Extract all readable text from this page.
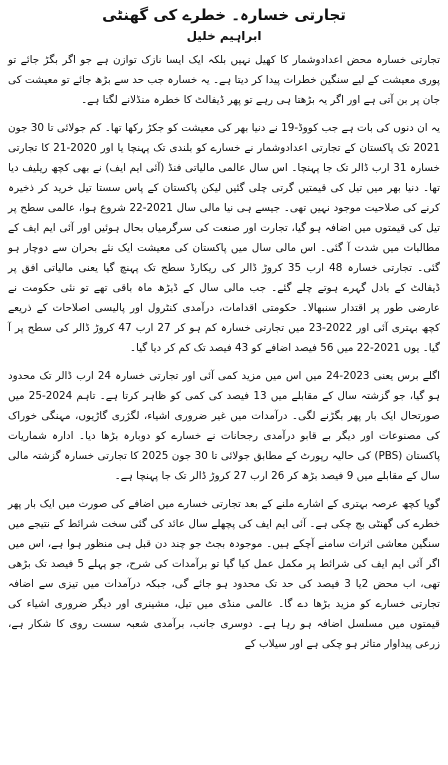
تجارتی خسارہ۔ خطرے کی گھنٹی
ابراہیم خلیل

تجارتی خسارہ محض اعدادوشمار کا کھیل نہیں بلکہ ایک ایسا نازک توازن ہے جو اگر بگڑ جائے تو پوری معیشت کے لیے سنگین خطرات پیدا کر دیتا ہے۔ یہ خسارہ جب حد سے بڑھ جائے تو معیشت کی جان پر بن آتی ہے اور اگر یہ بڑھتا ہی رہے تو پھر ڈیفالٹ کا خطرہ منڈلانے لگتا ہے۔

یہ ان دنوں کی بات ہے جب کووڈ-19 نے دنیا بھر کی معیشت کو جکڑ رکھا تھا۔ کم جولائی تا 30 جون 2021 تک پاکستان کے تجارتی اعدادوشمار نے خسارے کو بلندی تک پہنچا یا اور 2020-21 کا تجارتی خسارہ 31 ارب ڈالر تک جا پہنچا۔ اس سال عالمی مالیاتی فنڈ (آئی ایم ایف) نے بھی کچھ ریلیف دیا تھا۔ دنیا بھر میں تیل کی قیمتیں گرتی چلی گئیں لیکن پاکستان کے پاس سستا تیل خرید کر ذخیرہ کرنے کی صلاحیت موجود نہیں تھی۔ جیسے ہی نیا مالی سال 2021-22 شروع ہوا، عالمی سطح پر تیل کی قیمتوں میں اضافہ ہو گیا، تجارت اور صنعت کی سرگرمیاں بحال ہوئیں اور آئی ایم ایف کے مطالبات میں شدت آ گئی۔ اس مالی سال میں پاکستان کی معیشت ایک نئے بحران سے دوچار ہو گئی۔ تجارتی خسارہ 48 ارب 35 کروڑ ڈالر کی ریکارڈ سطح تک پہنچ گیا یعنی مالیاتی افق پر ڈیفالٹ کے بادل گہرے ہوتے چلے گئے۔ جب مالی سال کے ڈیڑھ ماہ باقی تھے تو نئی حکومت نے عارضی طور پر اقتدار سنبھالا۔ حکومتی اقدامات، درآمدی کنٹرول اور پالیسی اصلاحات کے ذریعے کچھ بہتری آئی اور 2022-23 میں تجارتی خسارہ کم ہو کر 27 ارب 47 کروڑ ڈالر کی سطح پر آ گیا۔ یوں 2021-22 میں 56 فیصد اضافے کو 43 فیصد تک کم کر دیا گیا۔

اگلے برس یعنی 2023-24 میں اس میں مزید کمی آئی اور تجارتی خسارہ 24 ارب ڈالر تک محدود ہو گیا، جو گزشتہ سال کے مقابلے میں 13 فیصد کی کمی کو ظاہر کرتا ہے۔ تاہم 2024-25 میں صورتحال ایک بار پھر بگڑنے لگی۔ درآمدات میں غیر ضروری اشیاء، لگژری گاڑیوں، مہنگی خوراک کی مصنوعات اور دیگر بے قابو درآمدی رجحانات نے خسارے کو دوبارہ بڑھا دیا۔ ادارہ شماریات پاکستان (PBS) کی حالیہ رپورٹ کے مطابق جولائی تا 30 جون 2025 کا تجارتی خسارہ گزشتہ مالی سال کے مقابلے میں 9 فیصد بڑھ کر 26 ارب 27 کروڑ ڈالر تک جا پہنچا ہے۔

گویا کچھ عرصہ بہتری کے اشارے ملنے کے بعد تجارتی خسارے میں اضافے کی صورت میں ایک بار پھر خطرے کی گھنٹی بج چکی ہے۔ آئی ایم ایف کی پچھلے سال عائد کی گئی سخت شرائط کے نتیجے میں سنگین معاشی اثرات سامنے آچکے ہیں۔ موجودہ بجٹ جو چند دن قبل ہی منظور ہوا ہے، اس میں اگر آئی ایم ایف کی شرائط پر مکمل عمل کیا گیا تو برآمدات کی شرح، جو پہلے 5 فیصد تک بڑھی تھی، اب محض 2یا 3 فیصد کی حد تک محدود ہو جائے گی، جبکہ درآمدات میں تیزی سے اضافہ تجارتی خسارے کو مزید بڑھا دے گا۔ عالمی منڈی میں تیل، مشینری اور دیگر ضروری اشیاء کی قیمتوں میں مسلسل اضافہ ہو رہا ہے۔ دوسری جانب، برآمدی شعبہ سست روی کا شکار ہے، زرعی پیداوار متاثر ہو چکی ہے اور سیلاب کے
